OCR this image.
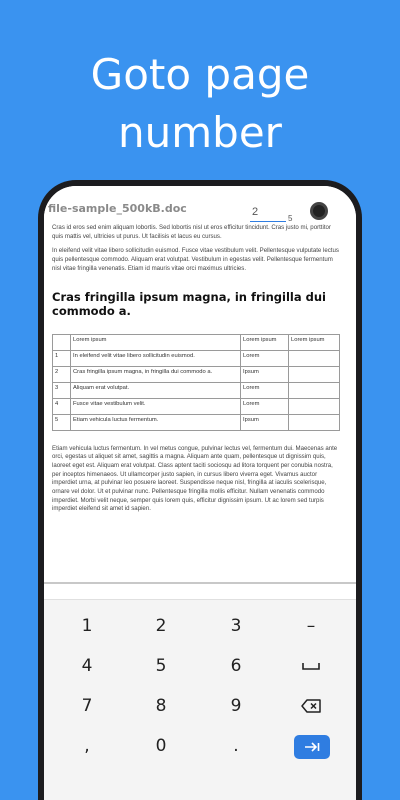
Goto page
number
file-sample_500kB.doc
2
5

Cras id eros sed enim aliquam lobortis. Sed lobortis nisl ut eros efficitur tincidunt. Cras justo mi, porttitor quis mattis vel, ultricies ut purus. Ut facilisis et lacus eu cursus.

In eleifend velit vitae libero sollicitudin euismod. Fusce vitae vestibulum velit. Pellentesque vulputate lectus quis pellentesque commodo. Aliquam erat volutpat. Vestibulum in egestas velit. Pellentesque fermentum nisl vitae fringilla venenatis. Etiam id mauris vitae orci maximus ultricies.

Cras fringilla ipsum magna, in fringilla dui commodo a.
	Lorem ipsum	Lorem ipsum	Lorem ipsum
1	In eleifend velit vitae libero sollicitudin euismod.	Lorem	
2	Cras fringilla ipsum magna, in fringilla dui commodo a.	Ipsum	
3	Aliquam erat volutpat.	Lorem	
4	Fusce vitae vestibulum velit.	Lorem	
5	Etiam vehicula luctus fermentum.	Ipsum	

Etiam vehicula luctus fermentum. In vel metus congue, pulvinar lectus vel, fermentum dui. Maecenas ante orci, egestas ut aliquet sit amet, sagittis a magna. Aliquam ante quam, pellentesque ut dignissim quis, laoreet eget est. Aliquam erat volutpat. Class aptent taciti sociosqu ad litora torquent per conubia nostra, per inceptos himenaeos. Ut ullamcorper justo sapien, in cursus libero viverra eget. Vivamus auctor imperdiet urna, at pulvinar leo posuere laoreet. Suspendisse neque nisl, fringilla at iaculis scelerisque, ornare vel dolor. Ut et pulvinar nunc. Pellentesque fringilla mollis efficitur. Nullam venenatis commodo imperdiet. Morbi velit neque, semper quis lorem quis, efficitur dignissim ipsum. Ut ac lorem sed turpis imperdiet eleifend sit amet id sapien.

1	2	3	–
4	5	6
7	8	9
,	0	.
